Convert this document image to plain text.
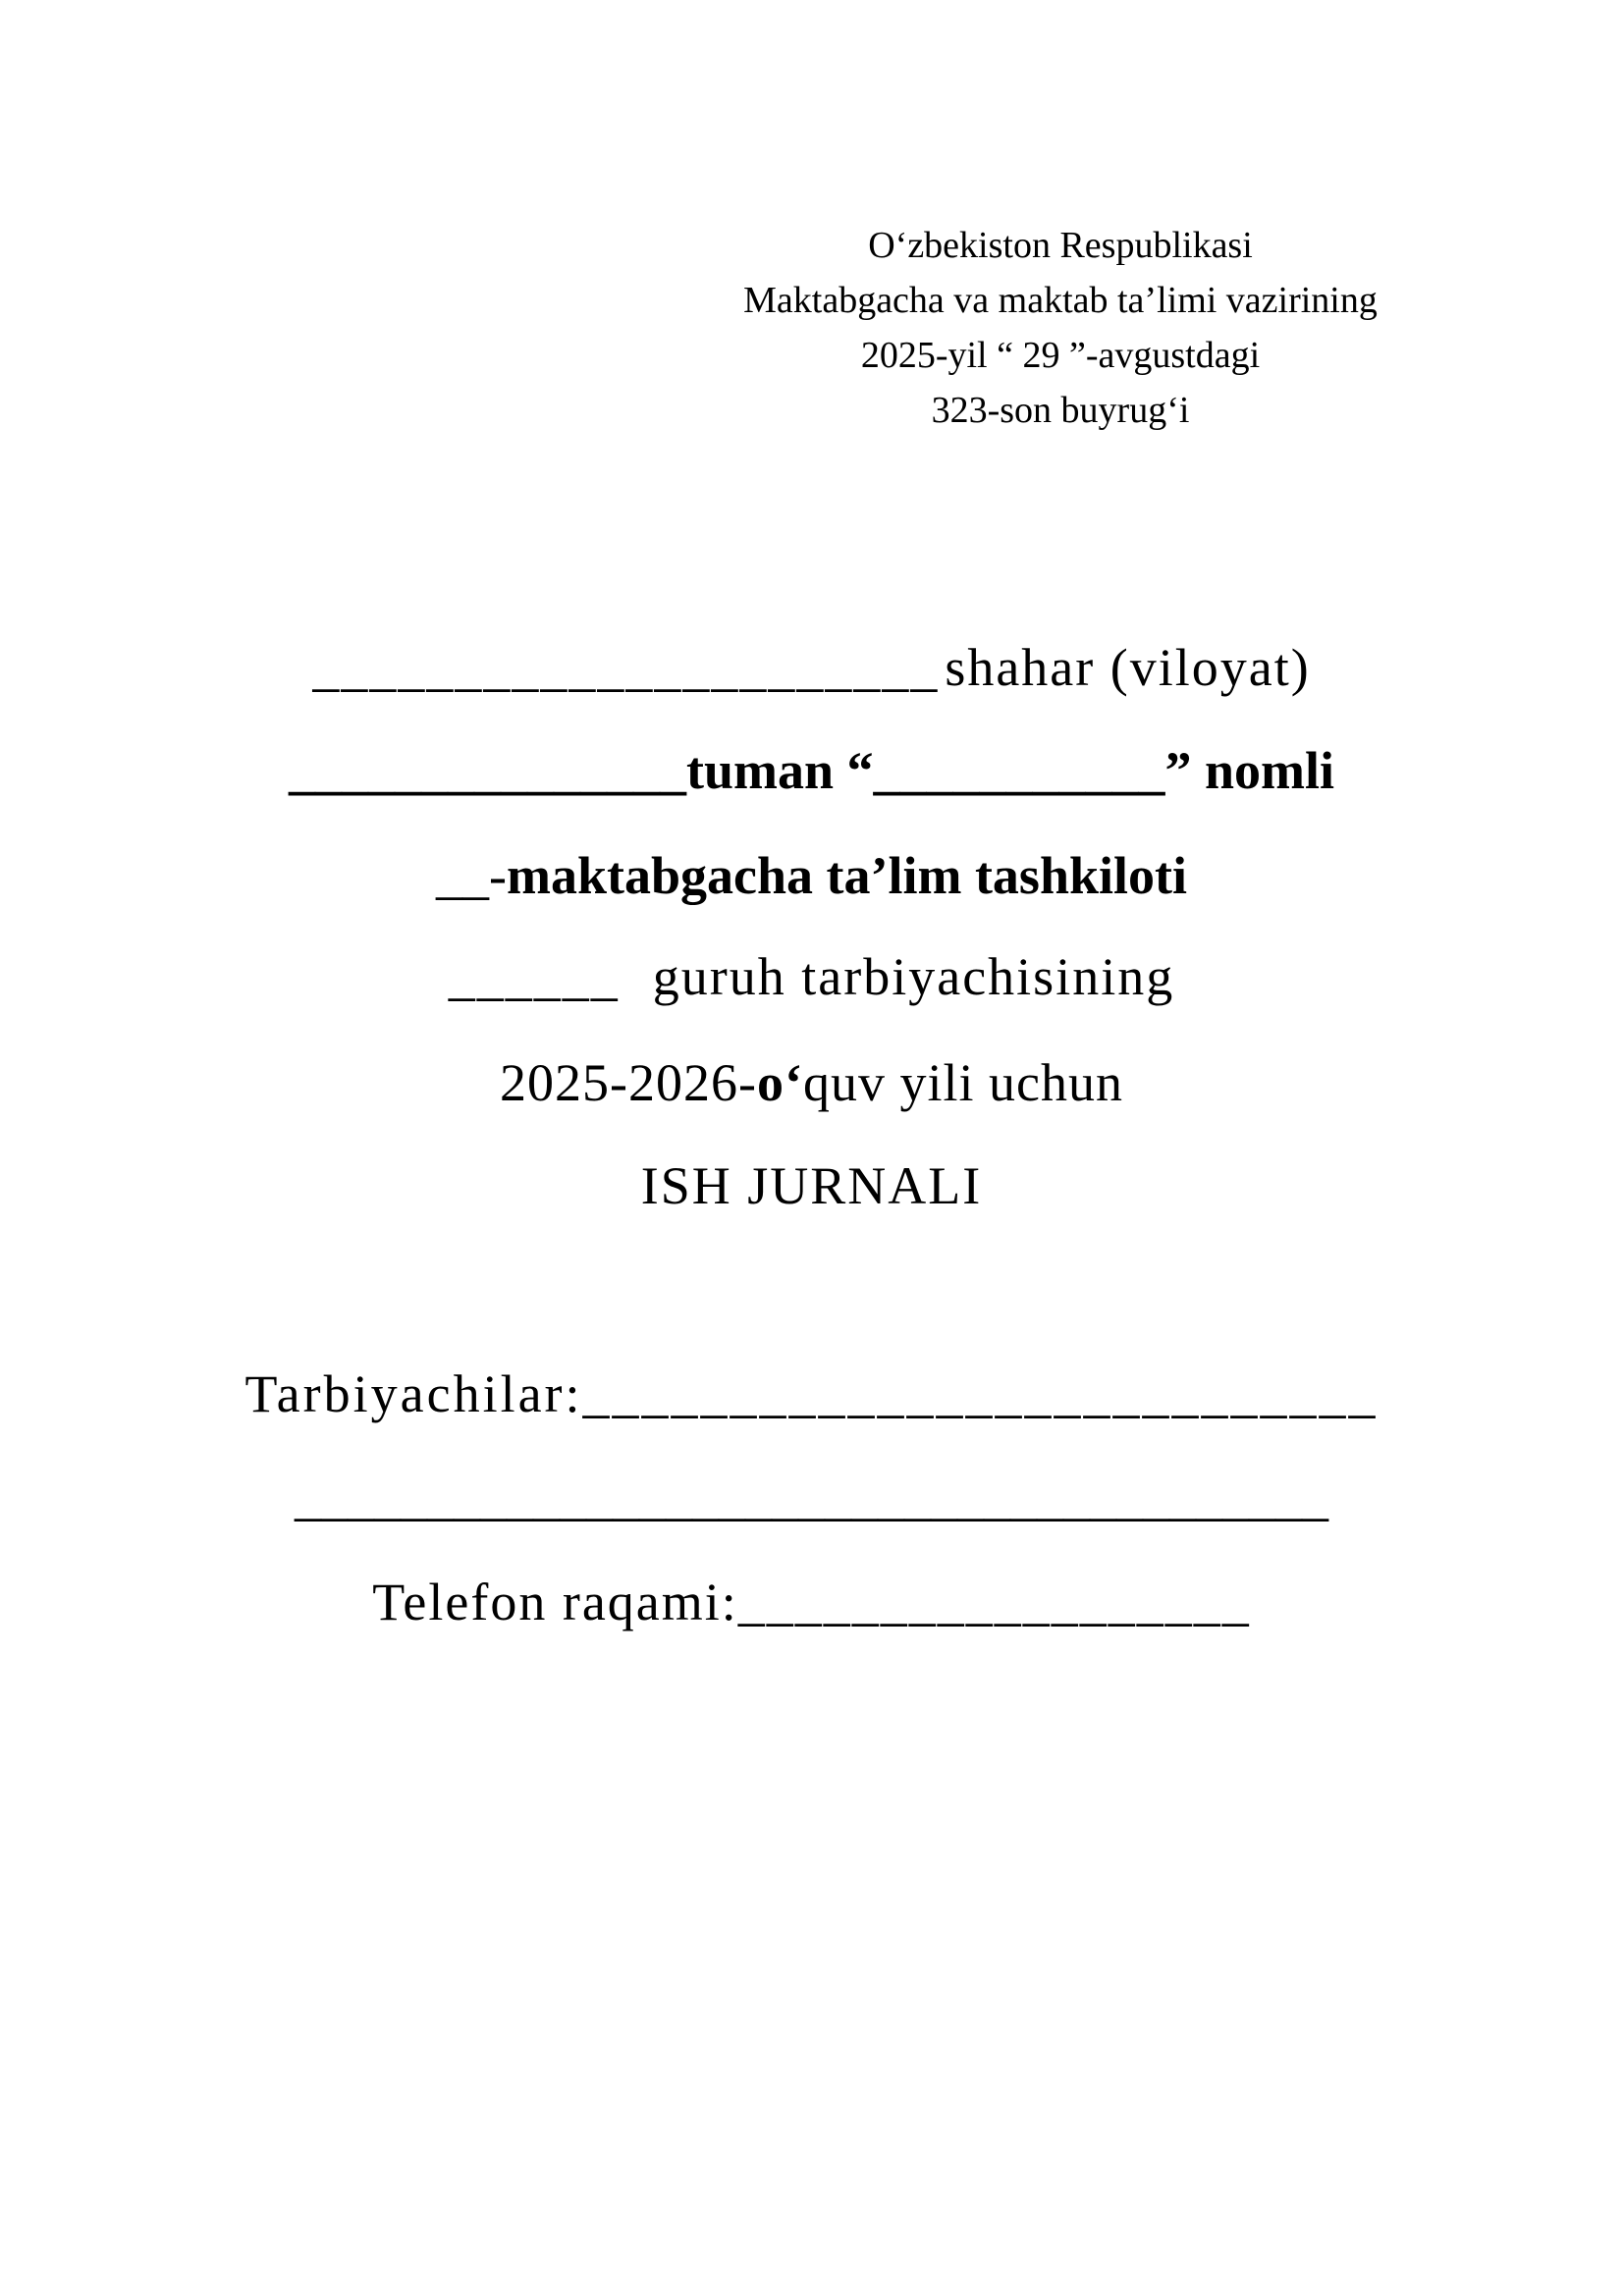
O‘zbekiston Respublikasi
Maktabgacha va maktab ta’limi vazirining
2025-yil “ 29 ”-avgustdagi
323-son buyrug‘i
______________________ shahar (viloyat)
_______________tuman “___________” nomli
__-maktabgacha ta’lim tashkiloti
______ guruh tarbiyachisining
2025-2026-o‘quv yili uchun
ISH JURNALI
Tarbiyachilar:___________________________
_______________________________________
Telefon raqami:__________________
